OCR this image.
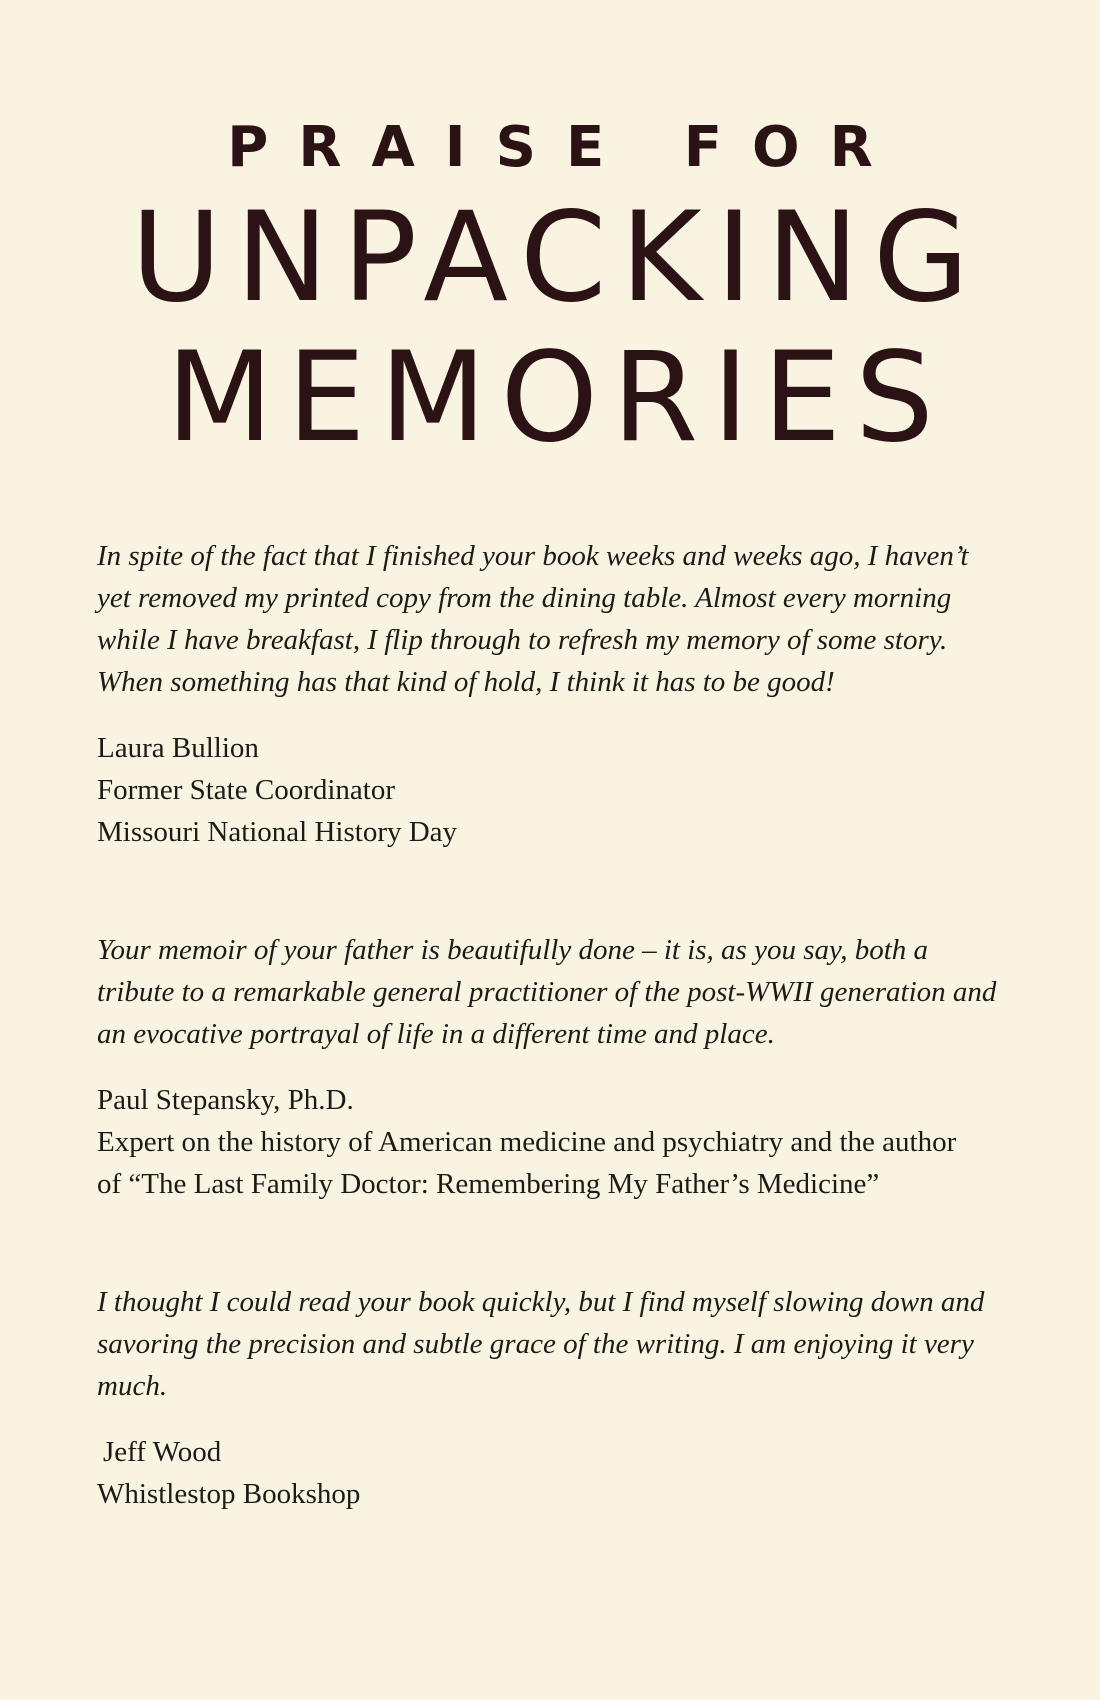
PRAISE FOR
UNPACKING
MEMORIES

In spite of the fact that I finished your book weeks and weeks ago, I haven’t yet removed my printed copy from the dining table. Almost every morning while I have breakfast, I flip through to refresh my memory of some story. When something has that kind of hold, I think it has to be good!

Laura Bullion
Former State Coordinator
Missouri National History Day

Your memoir of your father is beautifully done – it is, as you say, both a tribute to a remarkable general practitioner of the post-WWII generation and an evocative portrayal of life in a different time and place.

Paul Stepansky, Ph.D.
Expert on the history of American medicine and psychiatry and the author
of “The Last Family Doctor: Remembering My Father’s Medicine”

I thought I could read your book quickly, but I find myself slowing down and savoring the precision and subtle grace of the writing. I am enjoying it very much.

Jeff Wood
Whistlestop Bookshop
